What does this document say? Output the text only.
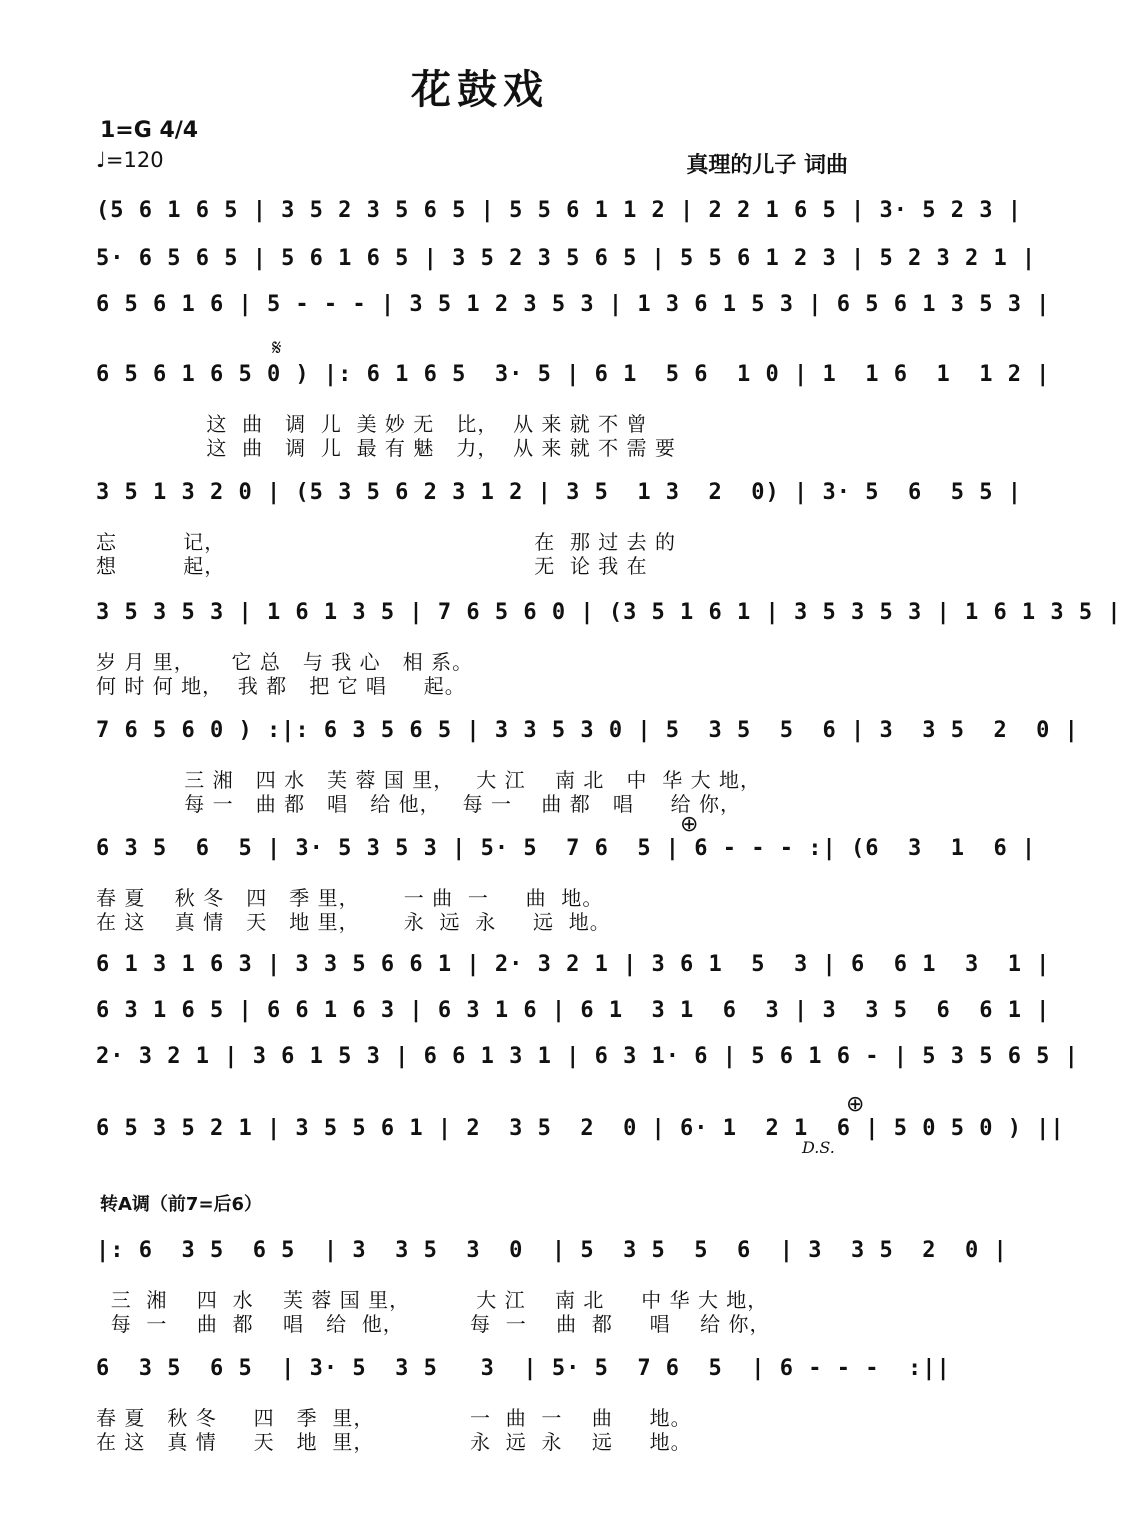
花鼓戏
1=G 4/4
♩=120	真理的儿子 词曲
(5 6 1 6 5 | 3 5 2 3 5 6 5 | 5 5 6 1 1 2 | 2 2 1 6 5 | 3· 5 2 3 |
5· 6 5 6 5 | 5 6 1 6 5 | 3 5 2 3 5 6 5 | 5 5 6 1 2 3 | 5 2 3 2 1 |
6 5 6 1 6 | 5 - - - | 3 5 1 2 3 5 3 | 1 3 6 1 5 3 | 6 5 6 1 3 5 3 |
𝄋
6 5 6 1 6 5 0 ) |: 6 1 6 5  3· 5 | 6 1  5 6  1 0 | 1  1 6  1  1 2 |
这  曲   调  儿  美 妙 无   比，  从 来 就 不 曾
这  曲   调  儿  最 有 魅   力，  从 来 就 不 需 要
3 5 1 3 2 0 | (5 3 5 6 2 3 1 2 | 3 5  1 3  2  0) | 3· 5  6  5 5 |
忘         记，                                          在  那 过 去 的
想         起，                                          无  论 我 在
3 5 3 5 3 | 1 6 1 3 5 | 7 6 5 6 0 | (3 5 1 6 1 | 3 5 3 5 3 | 1 6 1 3 5 |
岁 月 里，     它 总   与 我 心   相 系。
何 时 何 地，  我 都   把 它 唱     起。
7 6 5 6 0 ) :|: 6 3 5 6 5 | 3 3 5 3 0 | 5  3 5  5  6 | 3  3 5  2  0 |
三 湘   四 水   芙 蓉 国 里，   大 江    南 北   中  华 大 地，
每 一   曲 都   唱   给 他，   每 一    曲 都   唱     给 你，
⊕
6 3 5  6  5 | 3· 5 3 5 3 | 5· 5  7 6  5 | 6 - - - :| (6  3  1  6 |
春 夏    秋 冬   四   季 里，      一 曲  一     曲  地。
在 这    真 情   天   地 里，      永  远  永     远  地。
6 1 3 1 6 3 | 3 3 5 6 6 1 | 2· 3 2 1 | 3 6 1  5  3 | 6  6 1  3  1 |
6 3 1 6 5 | 6 6 1 6 3 | 6 3 1 6 | 6 1  3 1  6  3 | 3  3 5  6  6 1 |
2· 3 2 1 | 3 6 1 5 3 | 6 6 1 3 1 | 6 3 1· 6 | 5 6 1 6 - | 5 3 5 6 5 |
⊕
6 5 3 5 2 1 | 3 5 5 6 1 | 2  3 5  2  0 | 6· 1  2 1  6 | 5 0 5 0 ) ||
D.S.
转A调（前7=后6）
|: 6  3 5  6 5  | 3  3 5  3  0  | 5  3 5  5  6  | 3  3 5  2  0 |
三  湘    四  水    芙 蓉 国 里，         大 江    南 北     中 华 大 地，
每  一    曲  都    唱   给  他，         每  一    曲  都     唱    给 你，
6  3 5  6 5  | 3· 5  3 5   3  | 5· 5  7 6  5  | 6 - - -  :||
春 夏   秋 冬     四   季  里，             一  曲  一    曲     地。
在 这   真 情     天   地  里，             永  远  永    远     地。
